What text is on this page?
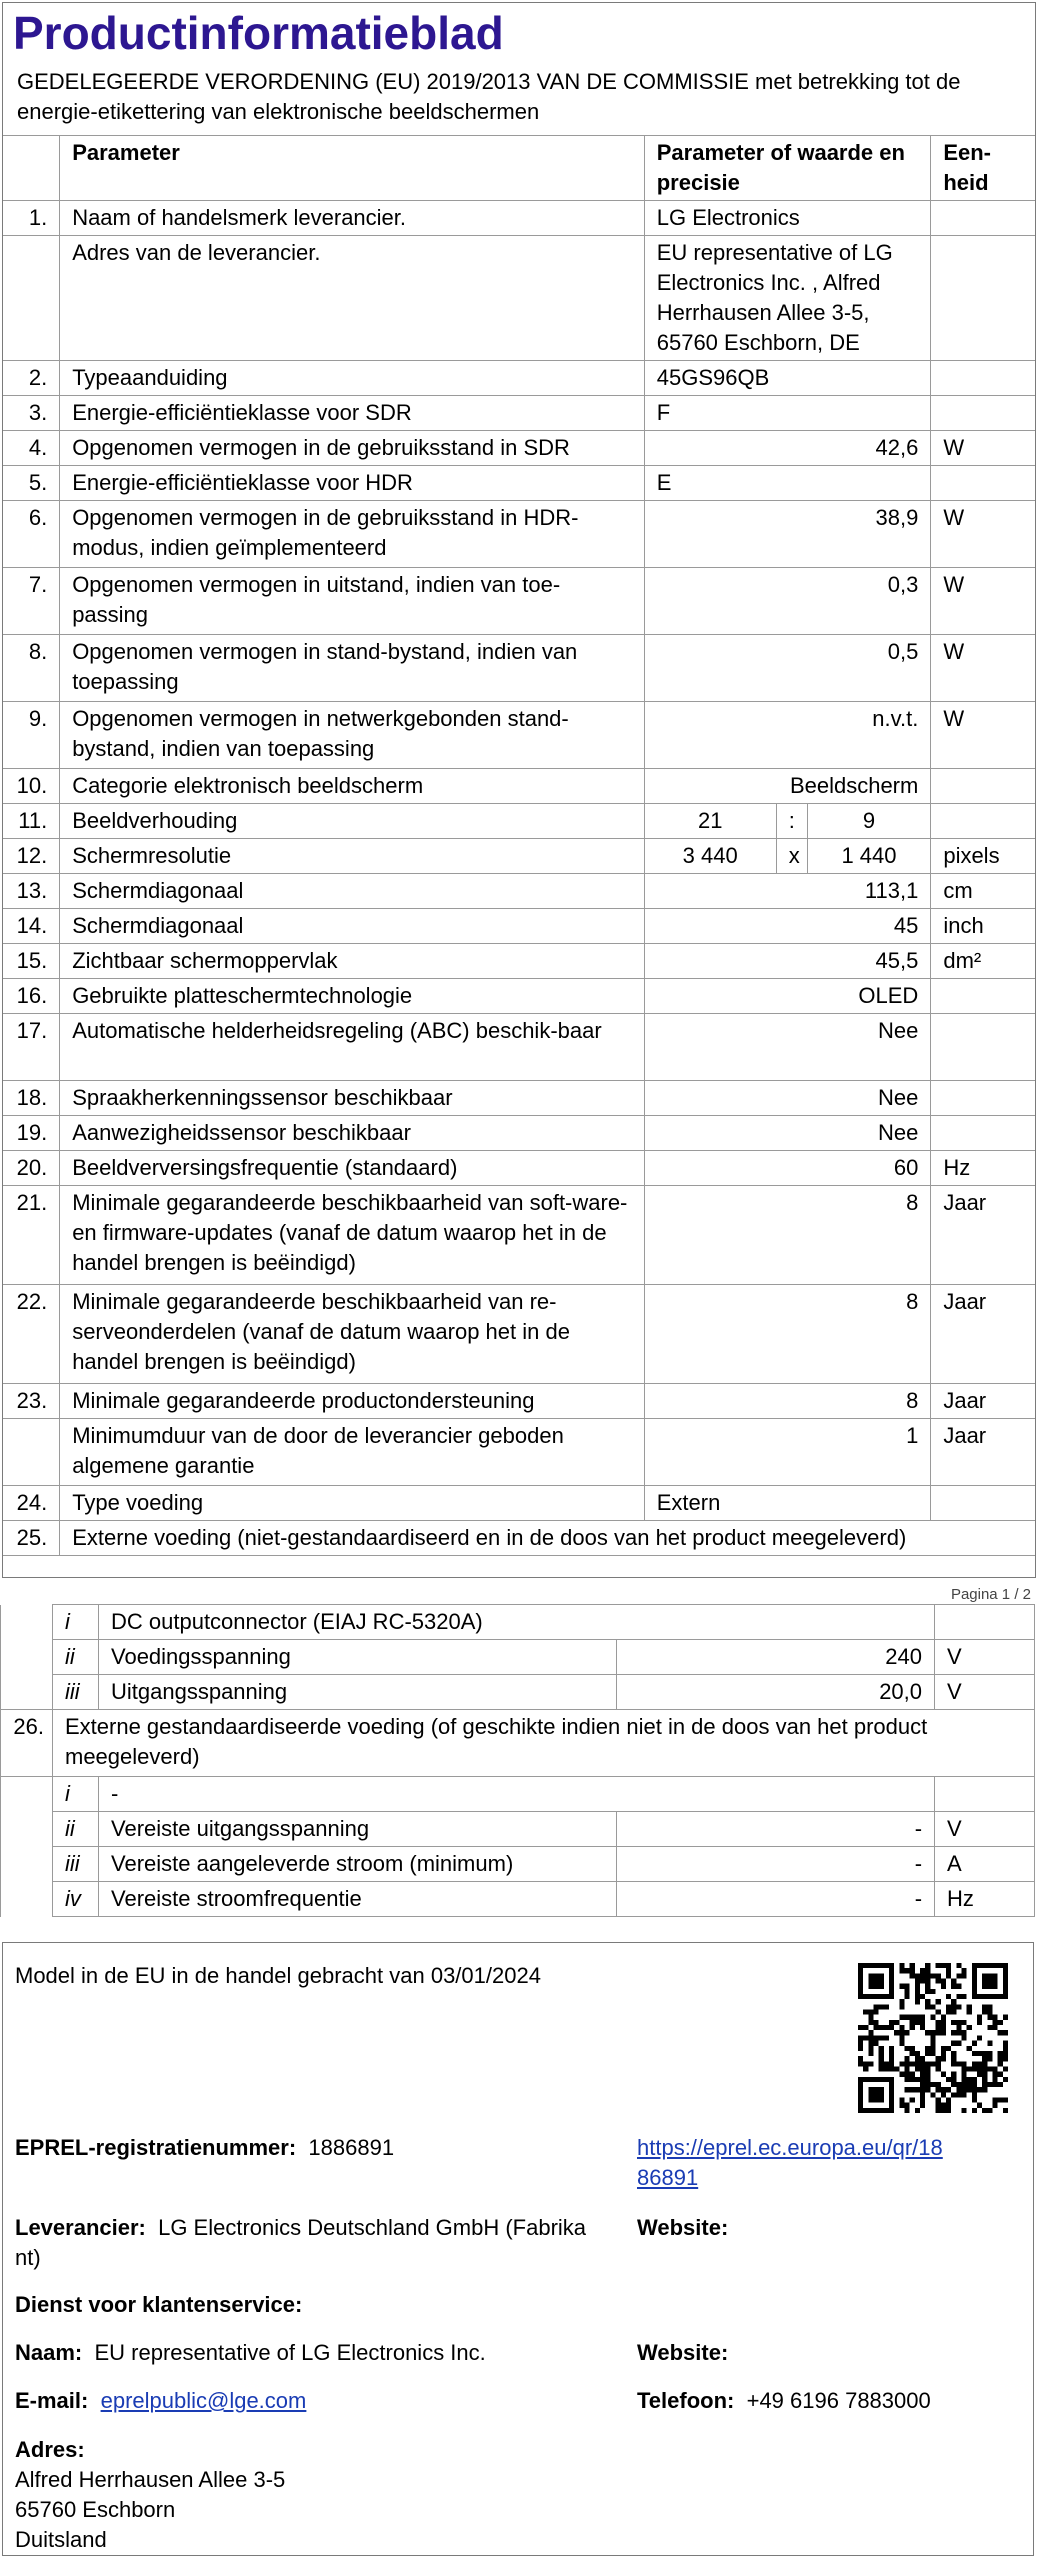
Productinformatieblad
GEDELEGEERDE VERORDENING (EU) 2019/2013 VAN DE COMMISSIE met betrekking tot de energie-etikettering van elektronische beeldschermen
	Parameter	Parameter of waarde en precisie			Een-heid
1.	Naam of handelsmerk leverancier.	LG Electronics			
	Adres van de leverancier.	EU representative of LG Electronics Inc. , Alfred Herrhausen Allee 3-5, 65760 Eschborn, DE			
2.	Typeaanduiding	45GS96QB			
3.	Energie-efficiëntieklasse voor SDR	F			
4.	Opgenomen vermogen in de gebruiksstand in SDR	42,6			W
5.	Energie-efficiëntieklasse voor HDR	E			
6.	Opgenomen vermogen in de gebruiksstand in HDR-modus, indien geïmplementeerd	38,9			W
7.	Opgenomen vermogen in uitstand, indien van toe-passing	0,3			W
8.	Opgenomen vermogen in stand-bystand, indien van toepassing	0,5			W
9.	Opgenomen vermogen in netwerkgebonden stand-bystand, indien van toepassing	n.v.t.			W
10.	Categorie elektronisch beeldscherm	Beeldscherm			
11.	Beeldverhouding	21	:	9	
12.	Schermresolutie	3 440	x	1 440	pixels
13.	Schermdiagonaal	113,1			cm
14.	Schermdiagonaal	45			inch
15.	Zichtbaar schermoppervlak	45,5			dm²
16.	Gebruikte platteschermtechnologie	OLED			
17.	Automatische helderheidsregeling (ABC) beschik-baar	Nee			
18.	Spraakherkenningssensor beschikbaar	Nee			
19.	Aanwezigheidssensor beschikbaar	Nee			
20.	Beeldverversingsfrequentie (standaard)	60			Hz
21.	Minimale gegarandeerde beschikbaarheid van soft-ware- en firmware-updates (vanaf de datum waarop het in de handel brengen is beëindigd)	8			Jaar
22.	Minimale gegarandeerde beschikbaarheid van re-serveonderdelen (vanaf de datum waarop het in de handel brengen is beëindigd)	8			Jaar
23.	Minimale gegarandeerde productondersteuning	8			Jaar
	Minimumduur van de door de leverancier geboden algemene garantie	1			Jaar
24.	Type voeding	Extern			
25.	Externe voeding (niet-gestandaardiseerd en in de doos van het product meegeleverd)				
Pagina 1 / 2
	i	DC outputconnector (EIAJ RC-5320A)		
	ii	Voedingsspanning	240	V
	iii	Uitgangsspanning	20,0	V
26.	Externe gestandaardiseerde voeding (of geschikte indien niet in de doos van het product meegeleverd)			
	i	-		
	ii	Vereiste uitgangsspanning	-	V
	iii	Vereiste aangeleverde stroom (minimum)	-	A
	iv	Vereiste stroomfrequentie	-	Hz
Model in de EU in de handel gebracht van 03/01/2024
EPREL-registratienummer: 1886891	https://eprel.ec.europa.eu/qr/18
86891
Leverancier: LG Electronics Deutschland GmbH (Fabrika
nt)
Website:
Dienst voor klantenservice:
Naam: EU representative of LG Electronics Inc.	Website:
E-mail: eprelpublic@lge.com	Telefoon: +49 6196 7883000
Adres:
Alfred Herrhausen Allee 3-5
65760 Eschborn
Duitsland
